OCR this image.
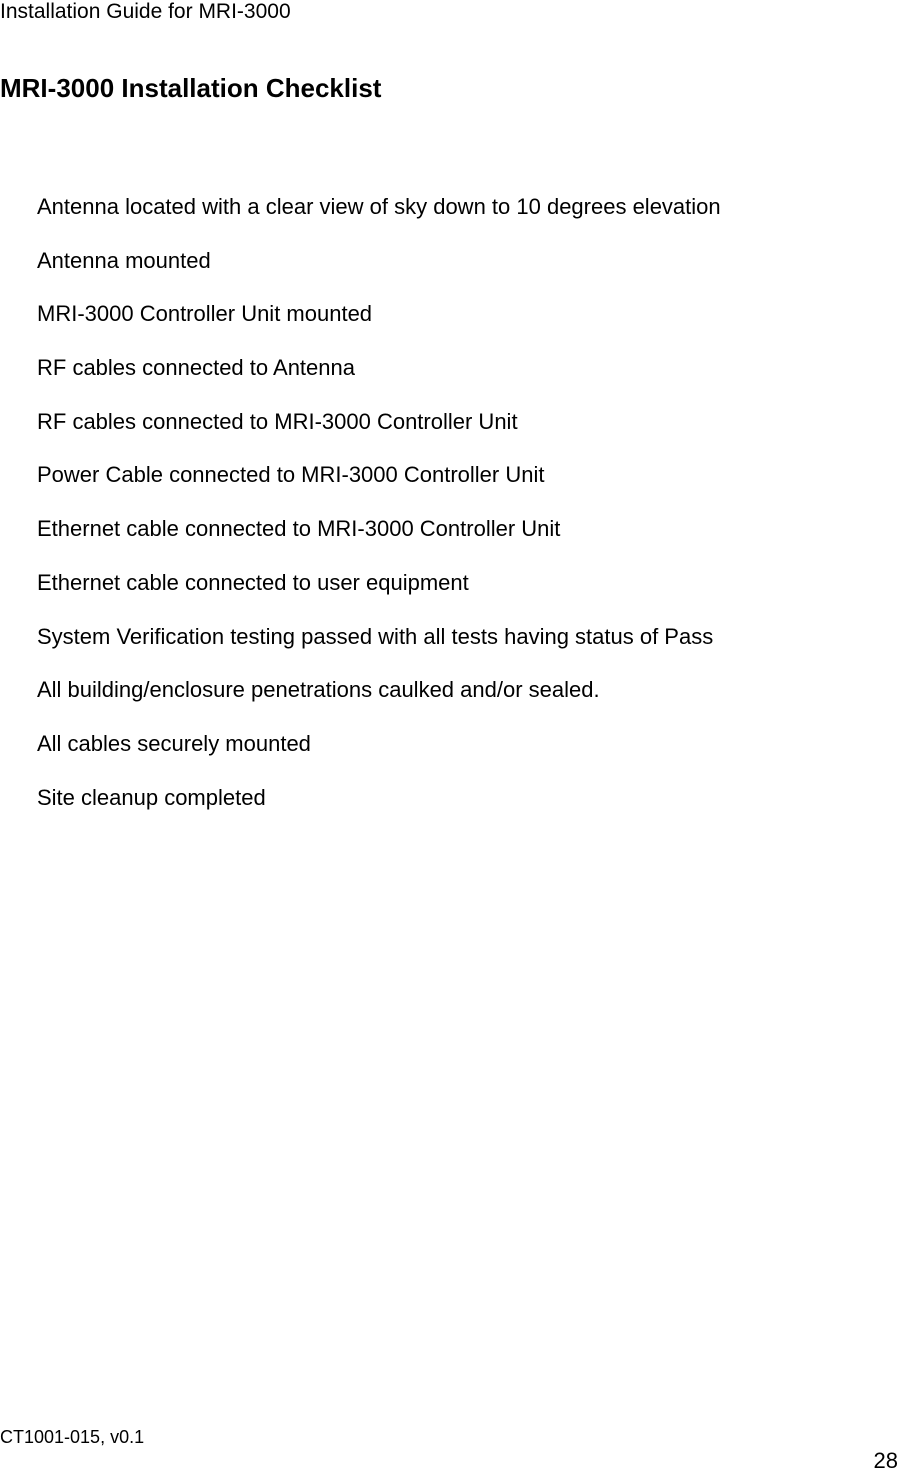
Installation Guide for MRI-3000
MRI-3000 Installation Checklist
Antenna located with a clear view of sky down to 10 degrees elevation
Antenna mounted
MRI-3000 Controller Unit mounted
RF cables connected to Antenna
RF cables connected to MRI-3000 Controller Unit
Power Cable connected to MRI-3000 Controller Unit
Ethernet cable connected to MRI-3000 Controller Unit
Ethernet cable connected to user equipment
System Verification testing passed with all tests having status of Pass
All building/enclosure penetrations caulked and/or sealed.
All cables securely mounted
Site cleanup completed
CT1001-015, v0.1
28
